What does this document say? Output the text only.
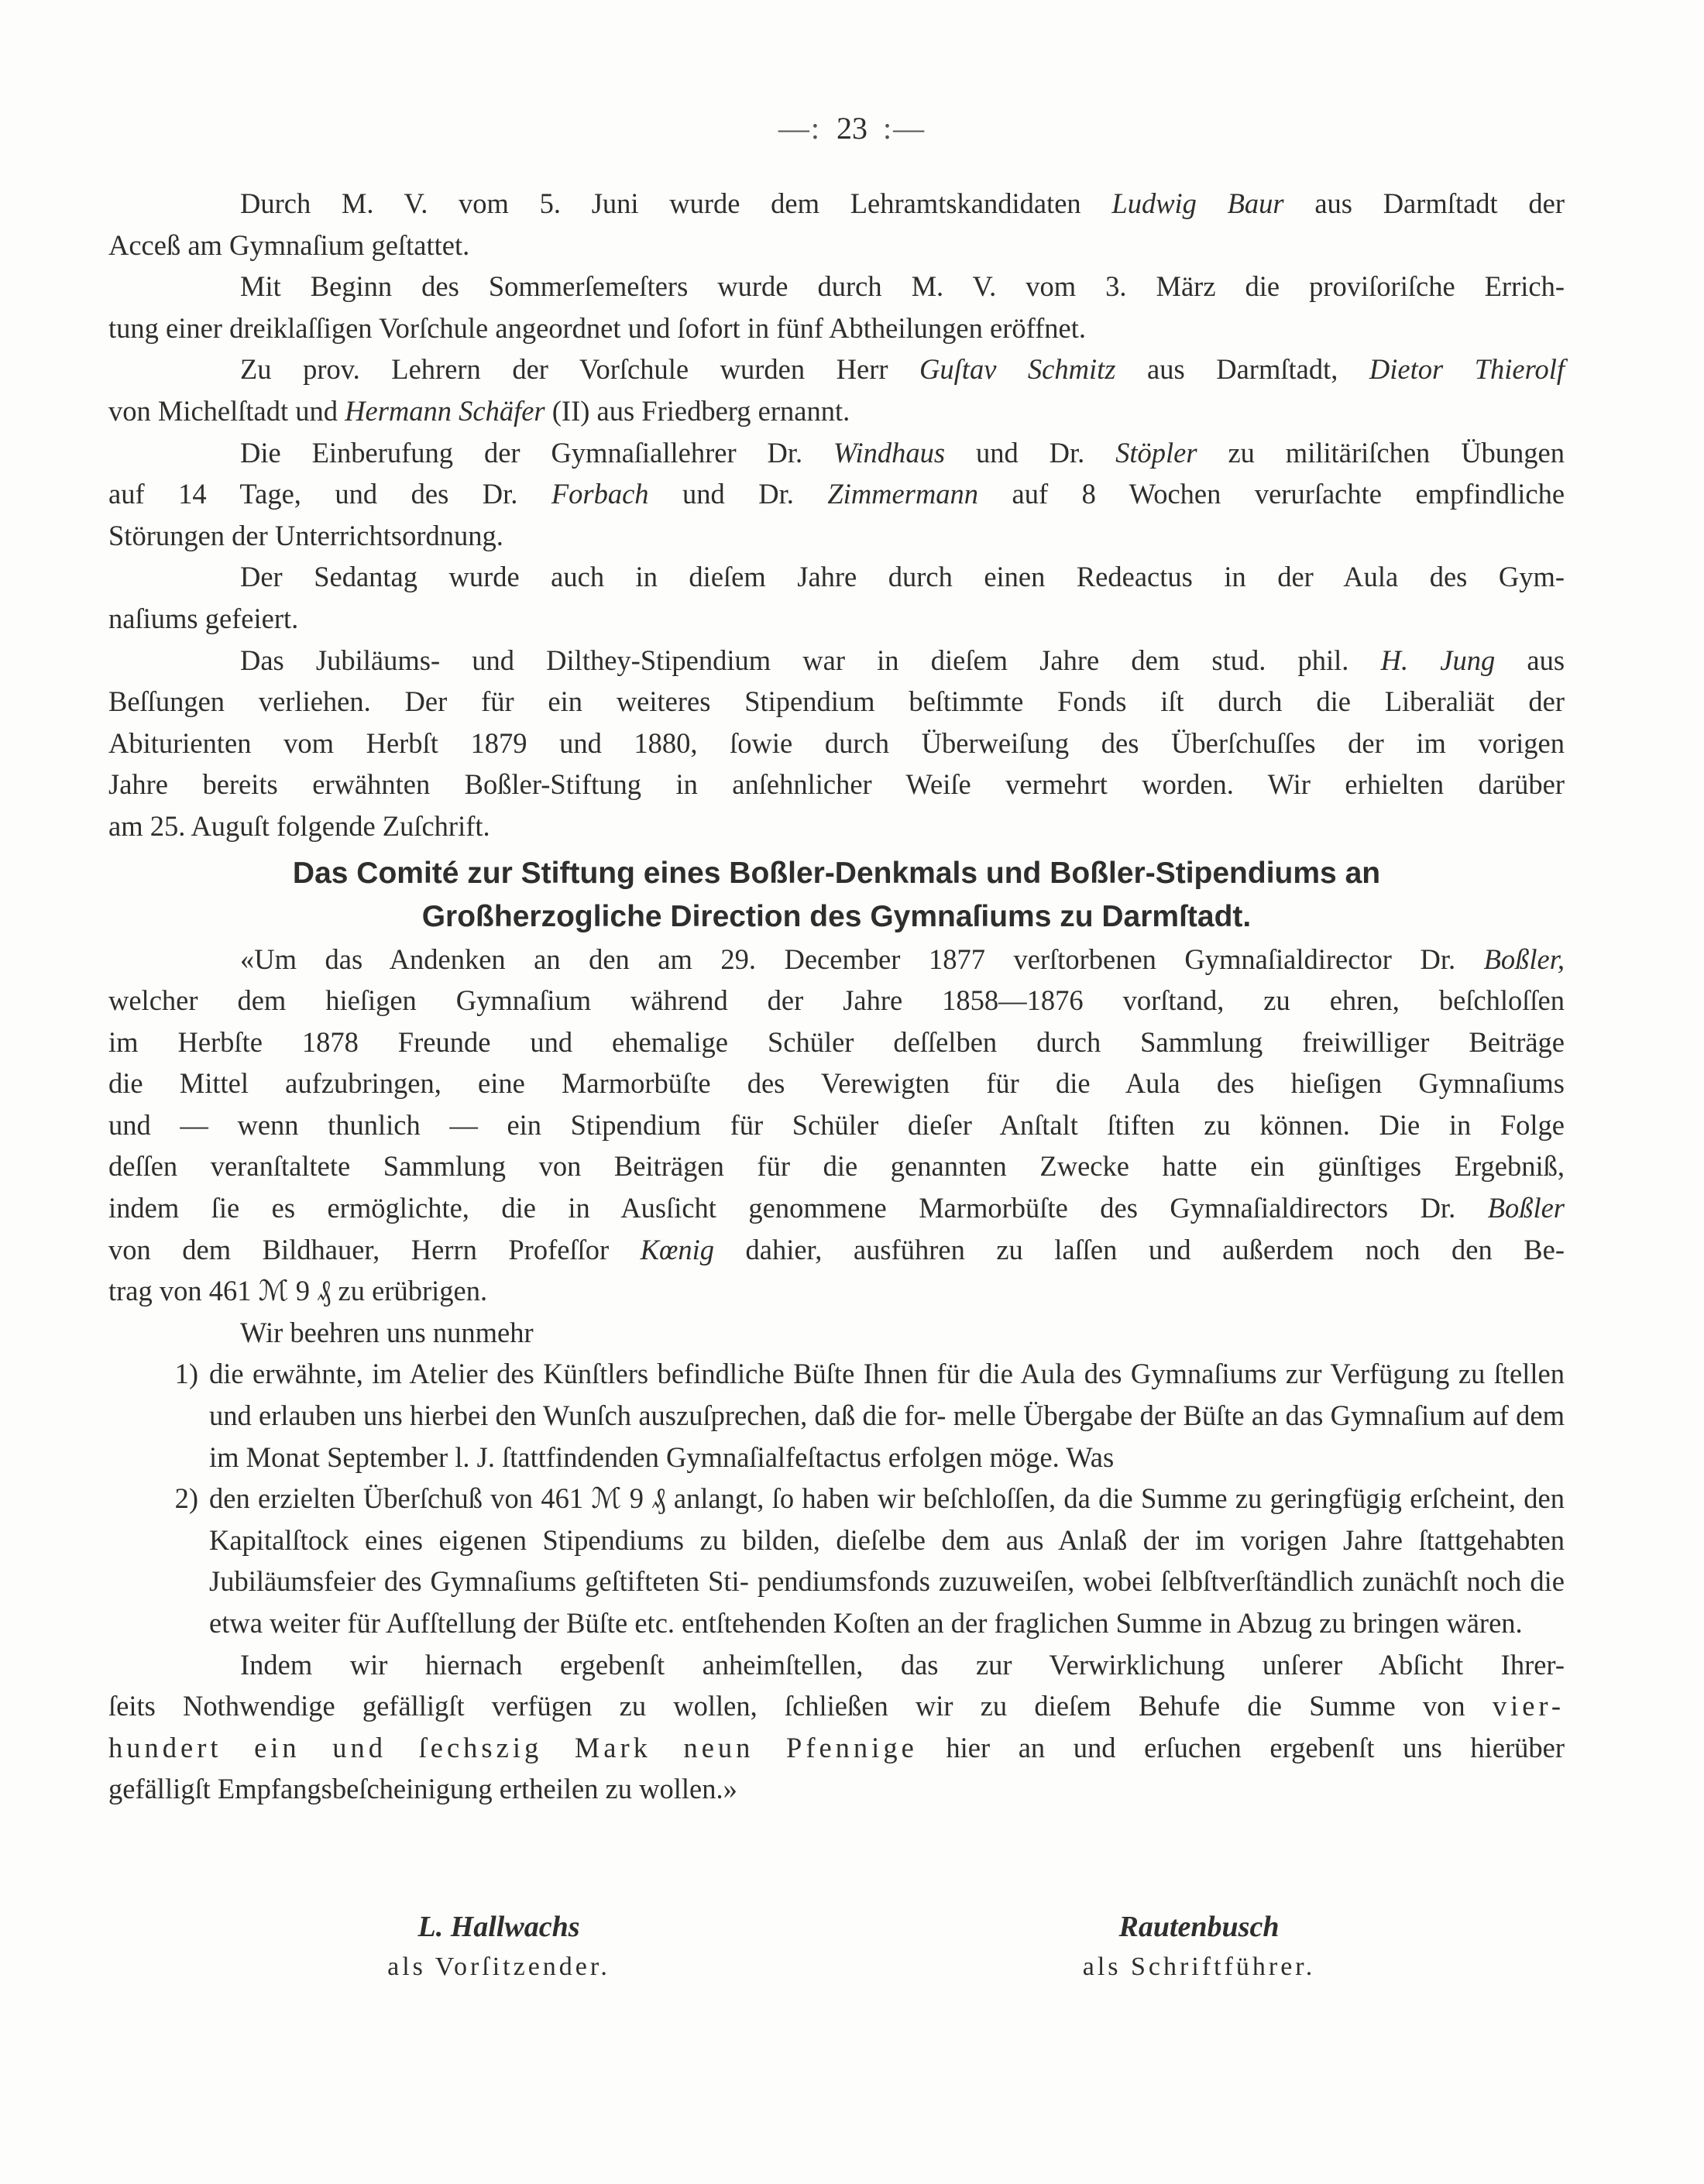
—: 23 :—

Durch M. V. vom 5. Juni wurde dem Lehramtskandidaten Ludwig Baur aus Darmſtadt der

Acceß am Gymnaſium geſtattet.

Mit Beginn des Sommerſemeſters wurde durch M. V. vom 3. März die proviſoriſche Errich-

tung einer dreiklaſſigen Vorſchule angeordnet und ſofort in fünf Abtheilungen eröffnet.

Zu prov. Lehrern der Vorſchule wurden Herr Guſtav Schmitz aus Darmſtadt, Dietor Thierolf

von Michelſtadt und Hermann Schäfer (II) aus Friedberg ernannt.

Die Einberufung der Gymnaſiallehrer Dr. Windhaus und Dr. Stöpler zu militäriſchen Übungen

auf 14 Tage, und des Dr. Forbach und Dr. Zimmermann auf 8 Wochen verurſachte empfindliche

Störungen der Unterrichtsordnung.

Der Sedantag wurde auch in dieſem Jahre durch einen Redeactus in der Aula des Gym-

naſiums gefeiert.

Das Jubiläums- und Dilthey-Stipendium war in dieſem Jahre dem stud. phil. H. Jung aus

Beſſungen verliehen. Der für ein weiteres Stipendium beſtimmte Fonds iſt durch die Liberaliät der

Abiturienten vom Herbſt 1879 und 1880, ſowie durch Überweiſung des Überſchuſſes der im vorigen

Jahre bereits erwähnten Boßler-Stiftung in anſehnlicher Weiſe vermehrt worden. Wir erhielten darüber

am 25. Auguſt folgende Zuſchrift.

Das Comité zur Stiftung eines Boßler-Denkmals und Boßler-Stipendiums an
Großherzogliche Direction des Gymnaſiums zu Darmſtadt.

«Um das Andenken an den am 29. December 1877 verſtorbenen Gymnaſialdirector Dr. Boßler,

welcher dem hieſigen Gymnaſium während der Jahre 1858—1876 vorſtand, zu ehren, beſchloſſen

im Herbſte 1878 Freunde und ehemalige Schüler deſſelben durch Sammlung freiwilliger Beiträge

die Mittel aufzubringen, eine Marmorbüſte des Verewigten für die Aula des hieſigen Gymnaſiums

und — wenn thunlich — ein Stipendium für Schüler dieſer Anſtalt ſtiften zu können. Die in Folge

deſſen veranſtaltete Sammlung von Beiträgen für die genannten Zwecke hatte ein günſtiges Ergebniß,

indem ſie es ermöglichte, die in Ausſicht genommene Marmorbüſte des Gymnaſialdirectors Dr. Boßler

von dem Bildhauer, Herrn Profeſſor Kœnig dahier, ausführen zu laſſen und außerdem noch den Be-

trag von 461 ℳ 9 ₰ zu erübrigen.

Wir beehren uns nunmehr

1) die erwähnte, im Atelier des Künſtlers befindliche Büſte Ihnen für die Aula des Gymnaſiums zur Verfügung zu ſtellen und erlauben uns hierbei den Wunſch auszuſprechen, daß die for- melle Übergabe der Büſte an das Gymnaſium auf dem im Monat September l. J. ſtattfindenden Gymnaſialfeſtactus erfolgen möge. Was
2) den erzielten Überſchuß von 461 ℳ 9 ₰ anlangt, ſo haben wir beſchloſſen, da die Summe zu geringfügig erſcheint, den Kapitalſtock eines eigenen Stipendiums zu bilden, dieſelbe dem aus Anlaß der im vorigen Jahre ſtattgehabten Jubiläumsfeier des Gymnaſiums geſtifteten Sti- pendiumsfonds zuzuweiſen, wobei ſelbſtverſtändlich zunächſt noch die etwa weiter für Aufſtellung der Büſte etc. entſtehenden Koſten an der fraglichen Summe in Abzug zu bringen wären.

Indem wir hiernach ergebenſt anheimſtellen, das zur Verwirklichung unſerer Abſicht Ihrer-

ſeits Nothwendige gefälligſt verfügen zu wollen, ſchließen wir zu dieſem Behufe die Summe von vier-

hundert ein und ſechszig Mark neun Pfennige hier an und erſuchen ergebenſt uns hierüber

gefälligſt Empfangsbeſcheinigung ertheilen zu wollen.»

L. Hallwachs
als Vorſitzender.
Rautenbusch
als Schriftführer.
